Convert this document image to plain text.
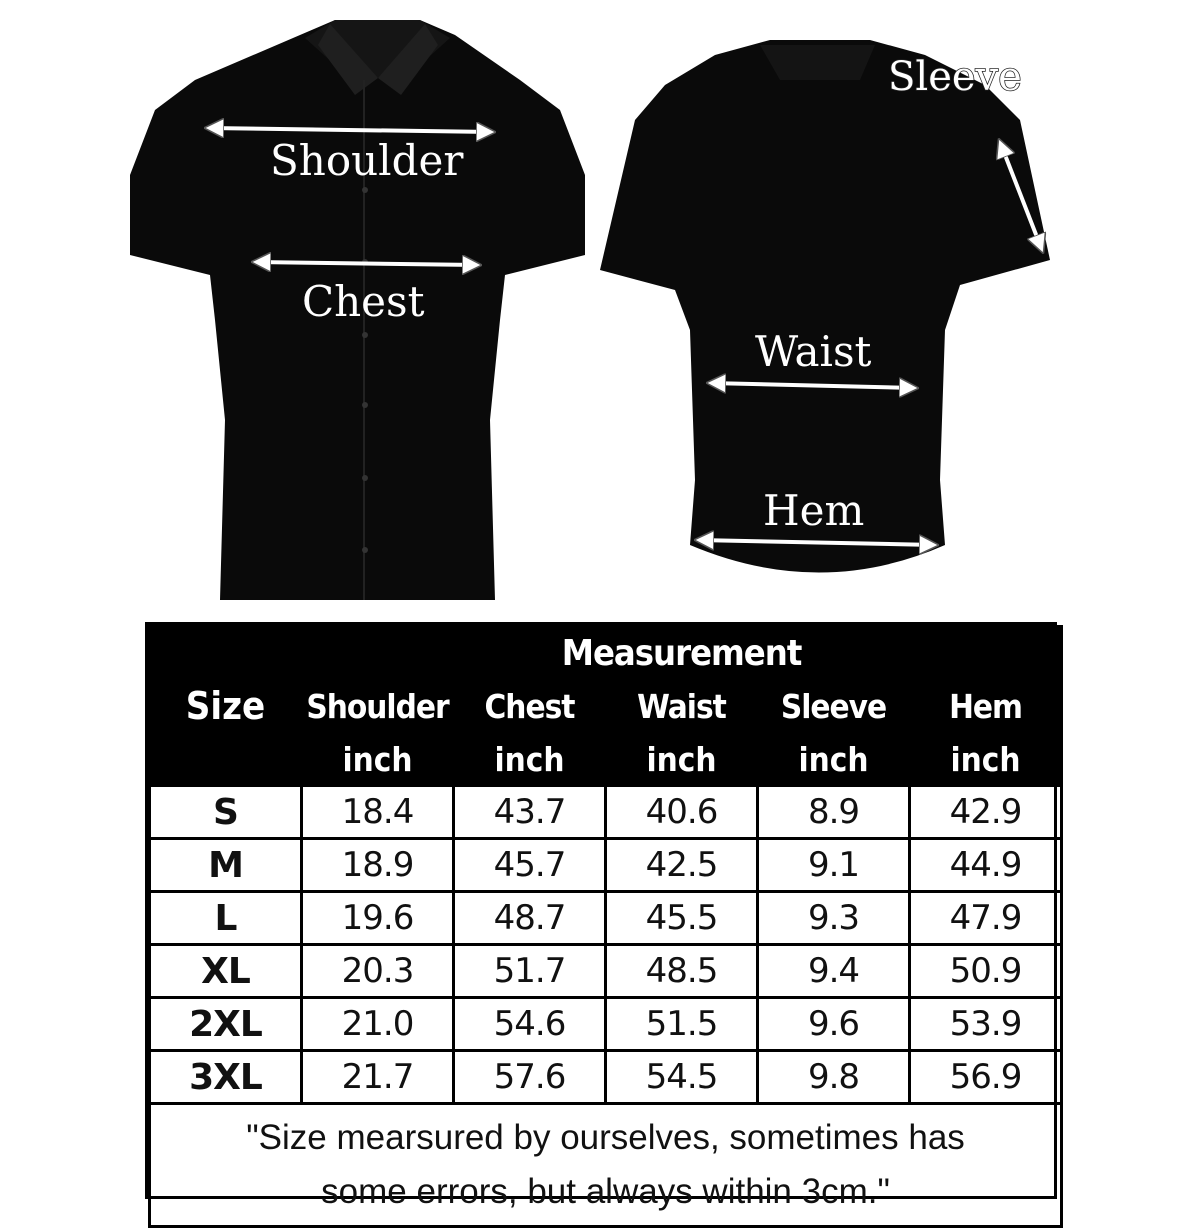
Shoulder
Chest
Sleeve
Waist
Hem
Size	Measurement				
	Shoulder	Chest	Waist	Sleeve	Hem
	inch	inch	inch	inch	inch
S	18.4	43.7	40.6	8.9	42.9
M	18.9	45.7	42.5	9.1	44.9
L	19.6	48.7	45.5	9.3	47.9
XL	20.3	51.7	48.5	9.4	50.9
2XL	21.0	54.6	51.5	9.6	53.9
3XL	21.7	57.6	54.5	9.8	56.9

"Size mearsured by ourselves, sometimes has
some errors, but always within 3cm."					
